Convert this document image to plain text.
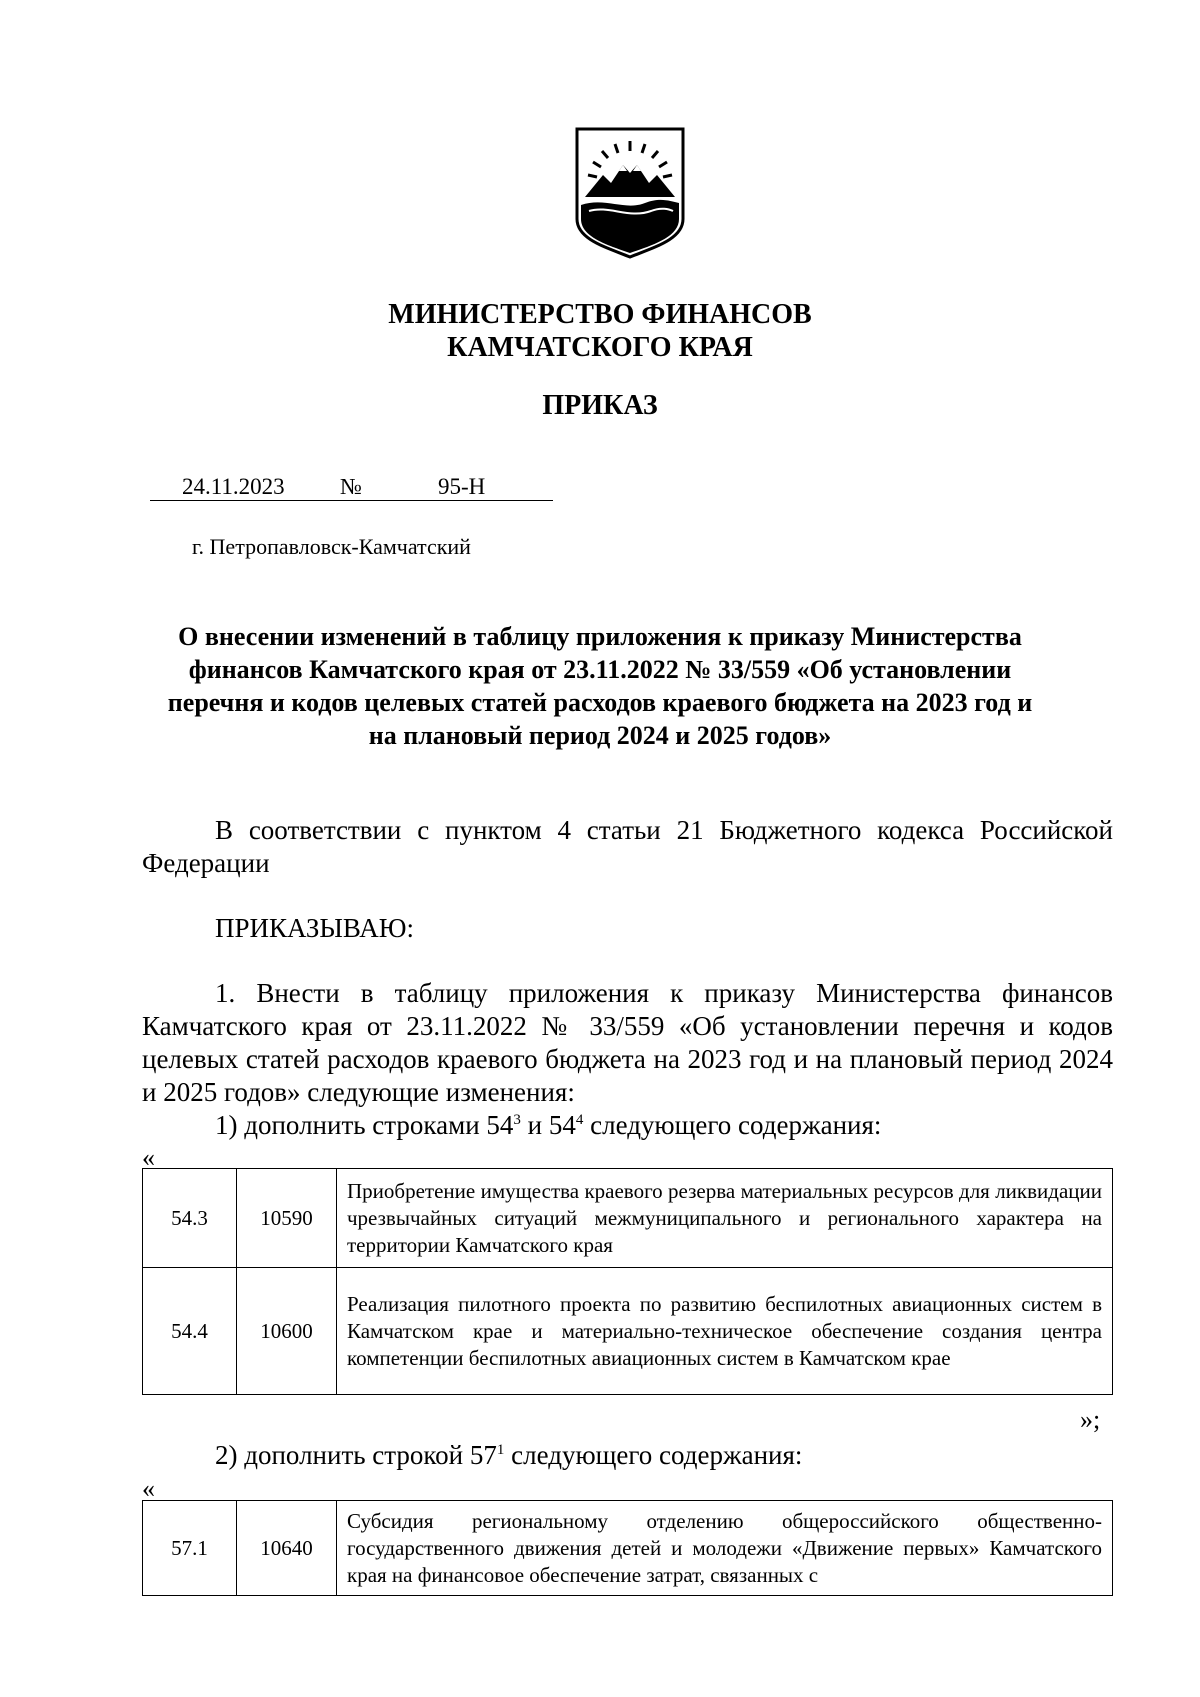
МИНИСТЕРСТВО ФИНАНСОВ
КАМЧАТСКОГО КРАЯ
ПРИКАЗ
24.11.2023 №	95-Н
г. Петропавловск-Камчатский
О внесении изменений в таблицу приложения к приказу Министерства
финансов Камчатского края от 23.11.2022 № 33/559 «Об установлении
перечня и кодов целевых статей расходов краевого бюджета на 2023 год и
на плановый период 2024 и 2025 годов»
В соответствии с пунктом 4 статьи 21 Бюджетного кодекса Российской Федерации
ПРИКАЗЫВАЮ:
1. Внести в таблицу приложения к приказу Министерства финансов Камчатского края от 23.11.2022 № 33/559 «Об установлении перечня и кодов целевых статей расходов краевого бюджета на 2023 год и на плановый период 2024 и 2025 годов» следующие изменения:
1) дополнить строками $54^3$ и $54^4$ следующего содержания:
«
54.3	10590	Приобретение имущества краевого резерва материальных ресурсов для ликвидации чрезвычайных ситуаций межмуниципального и регионального характера на территории Камчатского края
54.4	10600	Реализация пилотного проекта по развитию беспилотных авиационных систем в Камчатском крае и материально-техническое обеспечение создания центра компетенции беспилотных авиационных систем в Камчатском крае
»;
2) дополнить строкой $57^1$ следующего содержания:
«
57.1	10640	Субсидия региональному отделению общероссийского общественно-государственного движения детей и молодежи «Движение первых» Камчатского края на финансовое обеспечение затрат, связанных с
